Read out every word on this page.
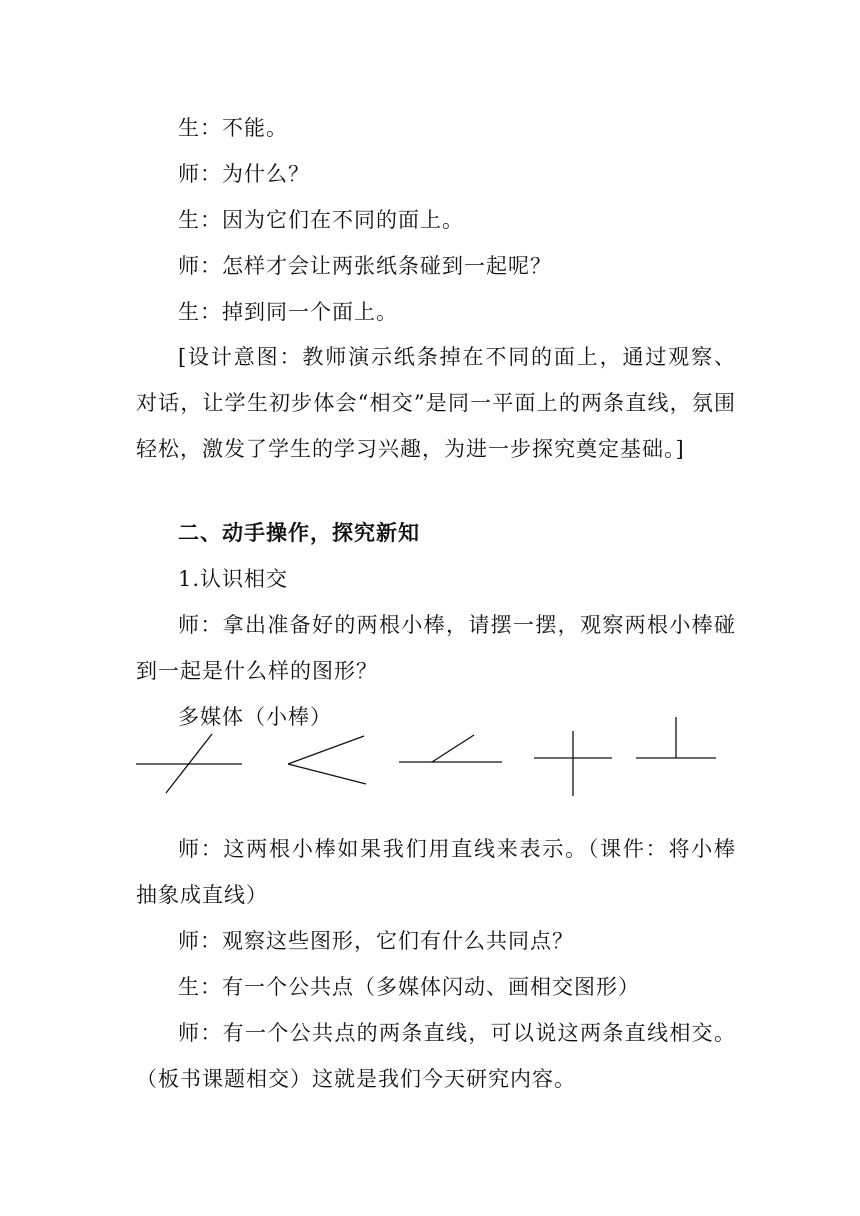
生：不能。
师：为什么？
生：因为它们在不同的面上。
师：怎样才会让两张纸条碰到一起呢？
生：掉到同一个面上。
[设计意图：教师演示纸条掉在不同的面上，通过观察、对话，让学生初步体会“相交”是同一平面上的两条直线，氛围轻松，激发了学生的学习兴趣，为进一步探究奠定基础。]
二、动手操作，探究新知
1.认识相交
师：拿出准备好的两根小棒，请摆一摆，观察两根小棒碰到一起是什么样的图形？
多媒体（小棒）
师：这两根小棒如果我们用直线来表示。（课件：将小棒抽象成直线）
师：观察这些图形，它们有什么共同点？
生：有一个公共点（多媒体闪动、画相交图形）
师：有一个公共点的两条直线，可以说这两条直线相交。（板书课题相交）这就是我们今天研究内容。
